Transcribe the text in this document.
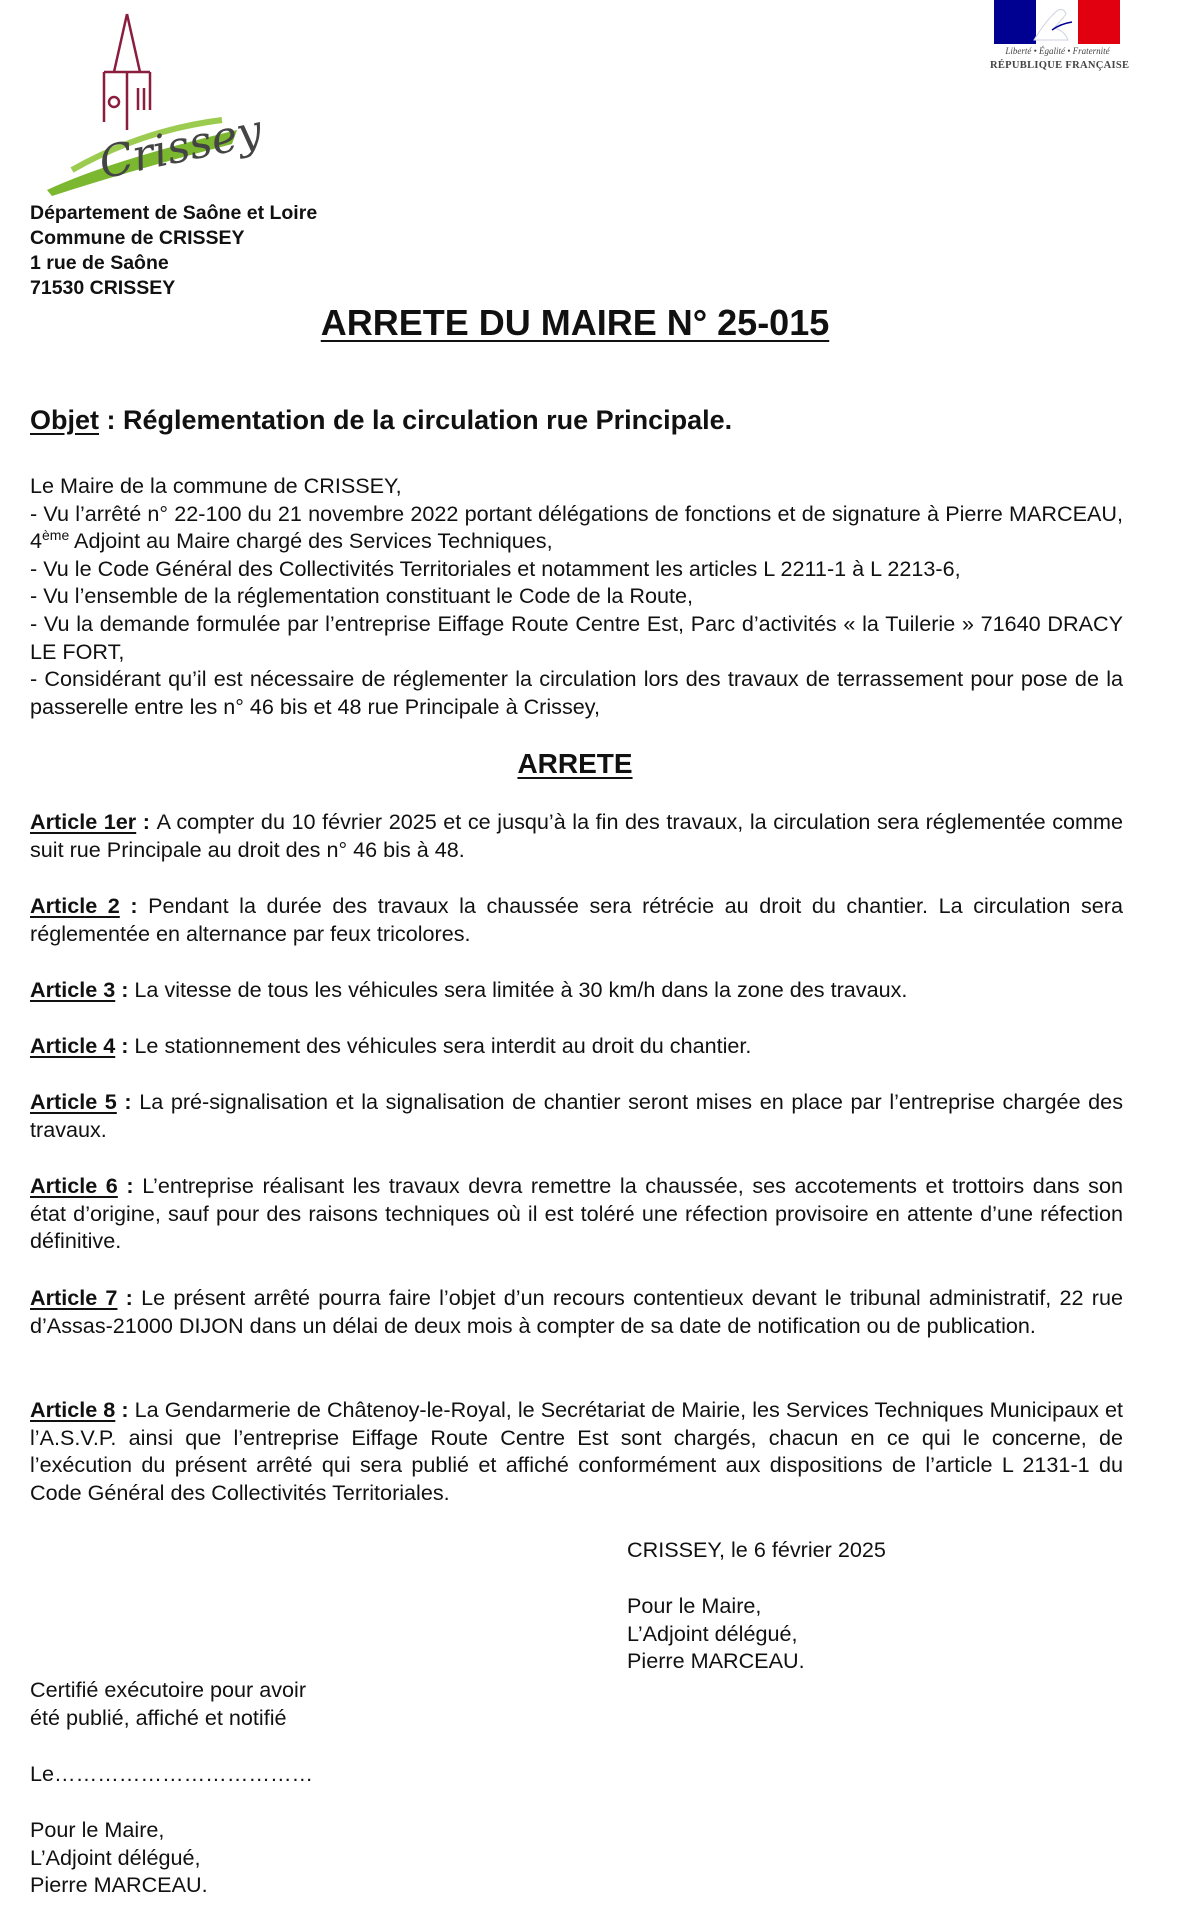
Crissey
Liberté • Égalité • Fraternité
RÉPUBLIQUE FRANÇAISE
Département de Saône et Loire
Commune de CRISSEY
1 rue de Saône
71530 CRISSEY
ARRETE DU MAIRE N° 25-015
Objet : Réglementation de la circulation rue Principale.

Le Maire de la commune de CRISSEY,

- Vu l’arrêté n° 22-100 du 21 novembre 2022 portant délégations de fonctions et de signature à Pierre MARCEAU, 4ème Adjoint au Maire chargé des Services Techniques,

- Vu le Code Général des Collectivités Territoriales et notamment les articles L 2211-1 à L 2213-6,

- Vu l’ensemble de la réglementation constituant le Code de la Route,

- Vu la demande formulée par l’entreprise Eiffage Route Centre Est, Parc d’activités « la Tuilerie » 71640 DRACY LE FORT,

- Considérant qu’il est nécessaire de réglementer la circulation lors des travaux de terrassement pour pose de la passerelle entre les n° 46 bis et 48 rue Principale à Crissey,

ARRETE

Article 1er : A compter du 10 février 2025 et ce jusqu’à la fin des travaux, la circulation sera réglementée comme suit rue Principale au droit des n° 46 bis à 48.

Article 2 : Pendant la durée des travaux la chaussée sera rétrécie au droit du chantier. La circulation sera réglementée en alternance par feux tricolores.

Article 3 : La vitesse de tous les véhicules sera limitée à 30 km/h dans la zone des travaux.

Article 4 : Le stationnement des véhicules sera interdit au droit du chantier.

Article 5 : La pré-signalisation et la signalisation de chantier seront mises en place par l’entreprise chargée des travaux.

Article 6 : L’entreprise réalisant les travaux devra remettre la chaussée, ses accotements et trottoirs dans son état d’origine, sauf pour des raisons techniques où il est toléré une réfection provisoire en attente d’une réfection définitive.

Article 7 : Le présent arrêté pourra faire l’objet d’un recours contentieux devant le tribunal administratif, 22 rue d’Assas-21000 DIJON dans un délai de deux mois à compter de sa date de notification ou de publication.

Article 8 : La Gendarmerie de Châtenoy-le-Royal, le Secrétariat de Mairie, les Services Techniques Municipaux et l’A.S.V.P. ainsi que l’entreprise Eiffage Route Centre Est sont chargés, chacun en ce qui le concerne, de l’exécution du présent arrêté qui sera publié et affiché conformément aux dispositions de l’article L 2131-1 du Code Général des Collectivités Territoriales.

CRISSEY, le 6 février 2025
Pour le Maire,
L’Adjoint délégué,
Pierre MARCEAU.
Certifié exécutoire pour avoir
été publié, affiché et notifié
Le………………………………
Pour le Maire,
L’Adjoint délégué,
Pierre MARCEAU.
